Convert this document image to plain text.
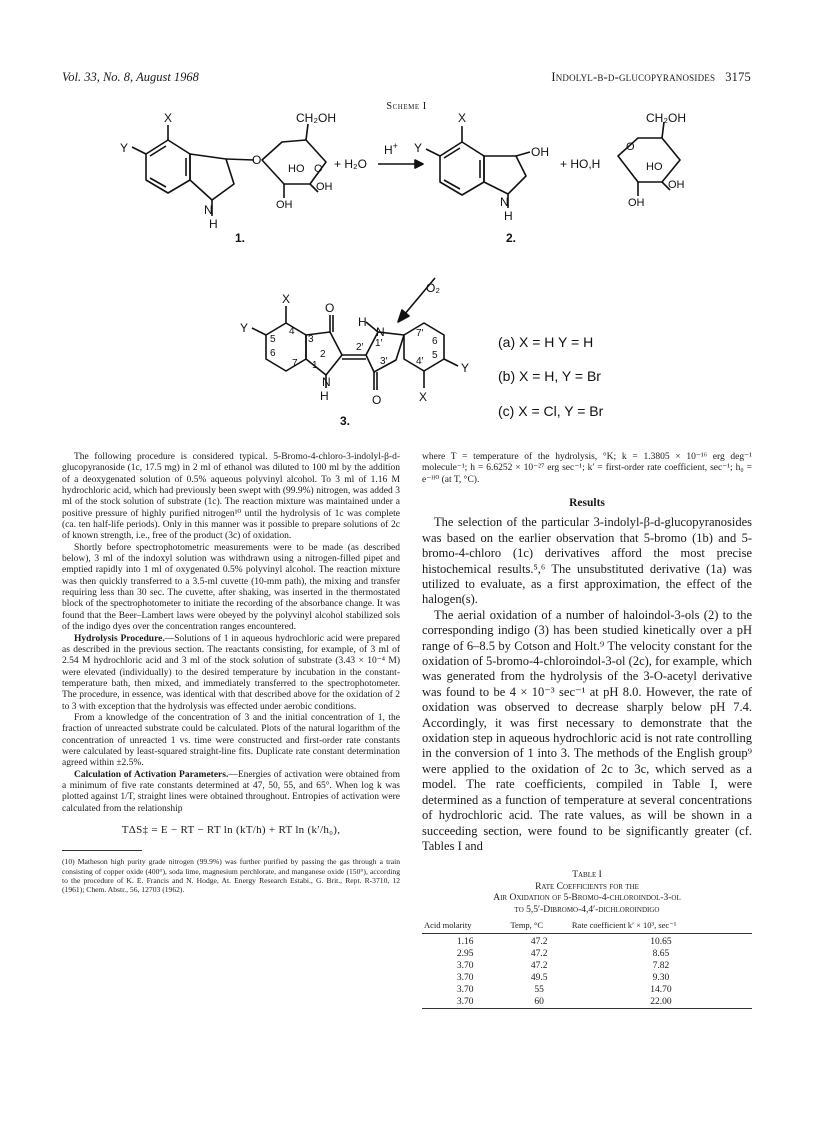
Vol. 33, No. 8, August 1968	Indolyl-β-d-glucopyranosides 3175
Scheme I
X
Y
N
H
O
CH₂OH
HO O
OH
OH
+ H₂O
H+
1.
X
Y	OH
N
H
2.
+ HO,H
CH₂OH
O
HO
OH
OH
O₂
O
X
Y
O	X
Y
H
N
N
H
3.
5
4
6
7
3
2
1
2′ 1′
3′
7′
6
4′
5
(a) X = H Y = H
(b) X = H, Y = Br
(c) X = Cl, Y = Br

The following procedure is considered typical. 5-Bromo-4-chloro-3-indolyl-β-d-glucopyranoside (1c, 17.5 mg) in 2 ml of ethanol was diluted to 100 ml by the addition of a deoxygenated solution of 0.5% aqueous polyvinyl alcohol. To 3 ml of 1.16 M hydrochloric acid, which had previously been swept with (99.9%) nitrogen, was added 3 ml of the stock solution of substrate (1c). The reaction mixture was maintained under a positive pressure of highly purified nitrogen¹⁰ until the hydrolysis of 1c was complete (ca. ten half-life periods). Only in this manner was it possible to prepare solutions of 2c of known strength, i.e., free of the product (3c) of oxidation.

Shortly before spectrophotometric measurements were to be made (as described below), 3 ml of the indoxyl solution was withdrawn using a nitrogen-filled pipet and emptied rapidly into 1 ml of oxygenated 0.5% polyvinyl alcohol. The reaction mixture was then quickly transferred to a 3.5-ml cuvette (10-mm path), the mixing and transfer requiring less than 30 sec. The cuvette, after shaking, was inserted in the thermostated block of the spectrophotometer to initiate the recording of the absorbance change. It was found that the Beer–Lambert laws were obeyed by the polyvinyl alcohol stabilized sols of the indigo dyes over the concentration ranges encountered.

Hydrolysis Procedure.—Solutions of 1 in aqueous hydrochloric acid were prepared as described in the previous section. The reactants consisting, for example, of 3 ml of 2.54 M hydrochloric acid and 3 ml of the stock solution of substrate (3.43 × 10⁻⁴ M) were elevated (individually) to the desired temperature by incubation in the constant-temperature bath, then mixed, and immediately transferred to the spectrophotometer. The procedure, in essence, was identical with that described above for the oxidation of 2 to 3 with exception that the hydrolysis was effected under aerobic conditions.

From a knowledge of the concentration of 3 and the initial concentration of 1, the fraction of unreacted substrate could be calculated. Plots of the natural logarithm of the concentration of unreacted 1 vs. time were constructed and first-order rate constants were calculated by least-squared straight-line fits. Duplicate rate constant determination agreed within ±2.5%.

Calculation of Activation Parameters.—Energies of activation were obtained from a minimum of five rate constants determined at 47, 50, 55, and 65°. When log k was plotted against 1/T, straight lines were obtained throughout. Entropies of activation were calculated from the relationship

TΔS‡ = E − RT − RT ln (kT/h) + RT ln (k′/h₀),
(10) Matheson high purity grade nitrogen (99.9%) was further purified by passing the gas through a train consisting of copper oxide (400°), soda lime, magnesium perchlorate, and manganese oxide (150°), according to the procedure of K. E. Francis and N. Hodge, At. Energy Research Estabi., G. Brit., Rept. R-3710, 12 (1961); Chem. Abstr., 56, 12703 (1962).

where T = temperature of the hydrolysis, °K; k = 1.3805 × 10⁻¹⁶ erg deg⁻¹ molecule⁻¹; h = 6.6252 × 10⁻²⁷ erg sec⁻¹; k′ = first-order rate coefficient, sec⁻¹; h₀ = e⁻ᴴ⁰ (at T, °C).

Results

The selection of the particular 3-indolyl-β-d-glucopyranosides was based on the earlier observation that 5-bromo (1b) and 5-bromo-4-chloro (1c) derivatives afford the most precise histochemical results.⁵,⁶ The unsubstituted derivative (1a) was utilized to evaluate, as a first approximation, the effect of the halogen(s).

The aerial oxidation of a number of haloindol-3-ols (2) to the corresponding indigo (3) has been studied kinetically over a pH range of 6–8.5 by Cotson and Holt.⁹ The velocity constant for the oxidation of 5-bromo-4-chloroindol-3-ol (2c), for example, which was generated from the hydrolysis of the 3-O-acetyl derivative was found to be 4 × 10⁻³ sec⁻¹ at pH 8.0. However, the rate of oxidation was observed to decrease sharply below pH 7.4. Accordingly, it was first necessary to demonstrate that the oxidation step in aqueous hydrochloric acid is not rate controlling in the conversion of 1 into 3. The methods of the English group⁹ were applied to the oxidation of 2c to 3c, which served as a model. The rate coefficients, compiled in Table I, were determined as a function of temperature at several concentrations of hydrochloric acid. The rate values, as will be shown in a succeeding section, were found to be significantly greater (cf. Tables I and

Table I
Rate Coefficients for the
Air Oxidation of 5-Bromo-4-chloroindol-3-ol
to 5,5′-Dibromo-4,4′-dichloroindigo
Acid molarity	Temp, °C	Rate coefficient k′ × 10³, sec⁻¹
1.16	47.2	10.65
2.95	47.2	8.65
3.70	47.2	7.82
3.70	49.5	9.30
3.70	55	14.70
3.70	60	22.00
